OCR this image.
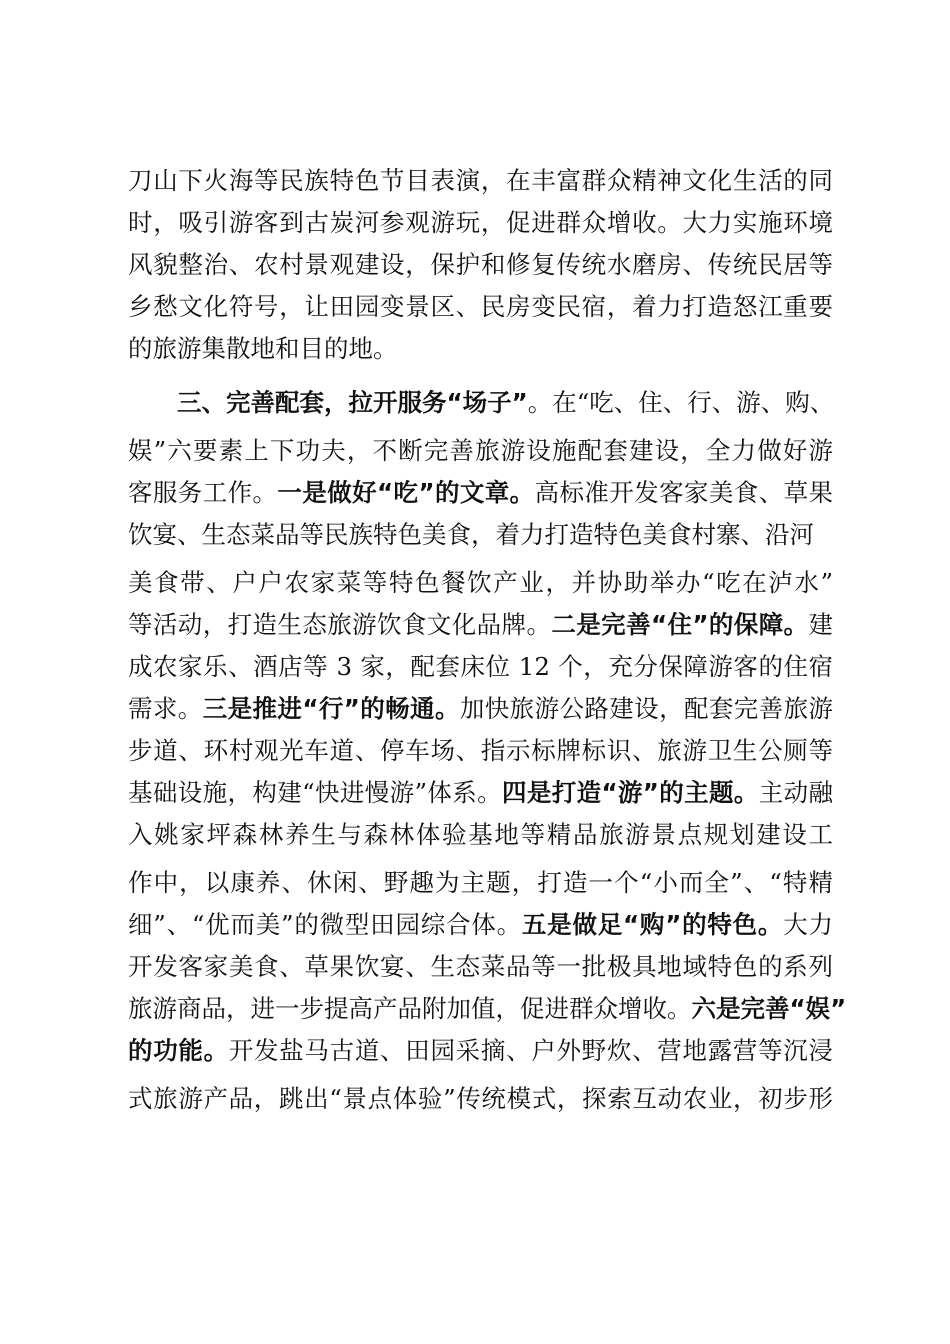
刀山下火海等民族特色节目表演，在丰富群众精神文化生活的同
时，吸引游客到古炭河参观游玩，促进群众增收。大力实施环境
风貌整治、农村景观建设，保护和修复传统水磨房、传统民居等
乡愁文化符号，让田园变景区、民房变民宿，着力打造怒江重要
的旅游集散地和目的地。
三、完善配套，拉开服务“场子”。在“吃、住、行、游、购、
娱”六要素上下功夫，不断完善旅游设施配套建设，全力做好游
客服务工作。一是做好“吃”的文章。高标准开发客家美食、草果
饮宴、生态菜品等民族特色美食，着力打造特色美食村寨、沿河
美食带、户户农家菜等特色餐饮产业，并协助举办“吃在泸水”
等活动，打造生态旅游饮食文化品牌。二是完善“住”的保障。建
成农家乐、酒店等 3 家，配套床位 12 个，充分保障游客的住宿
需求。三是推进“行”的畅通。加快旅游公路建设，配套完善旅游
步道、环村观光车道、停车场、指示标牌标识、旅游卫生公厕等
基础设施，构建“快进慢游”体系。四是打造“游”的主题。主动融
入姚家坪森林养生与森林体验基地等精品旅游景点规划建设工
作中，以康养、休闲、野趣为主题，打造一个“小而全”、“特精
细”、“优而美”的微型田园综合体。五是做足“购”的特色。大力
开发客家美食、草果饮宴、生态菜品等一批极具地域特色的系列
旅游商品，进一步提高产品附加值，促进群众增收。六是完善“娱”
的功能。开发盐马古道、田园采摘、户外野炊、营地露营等沉浸
式旅游产品，跳出“景点体验”传统模式，探索互动农业，初步形
